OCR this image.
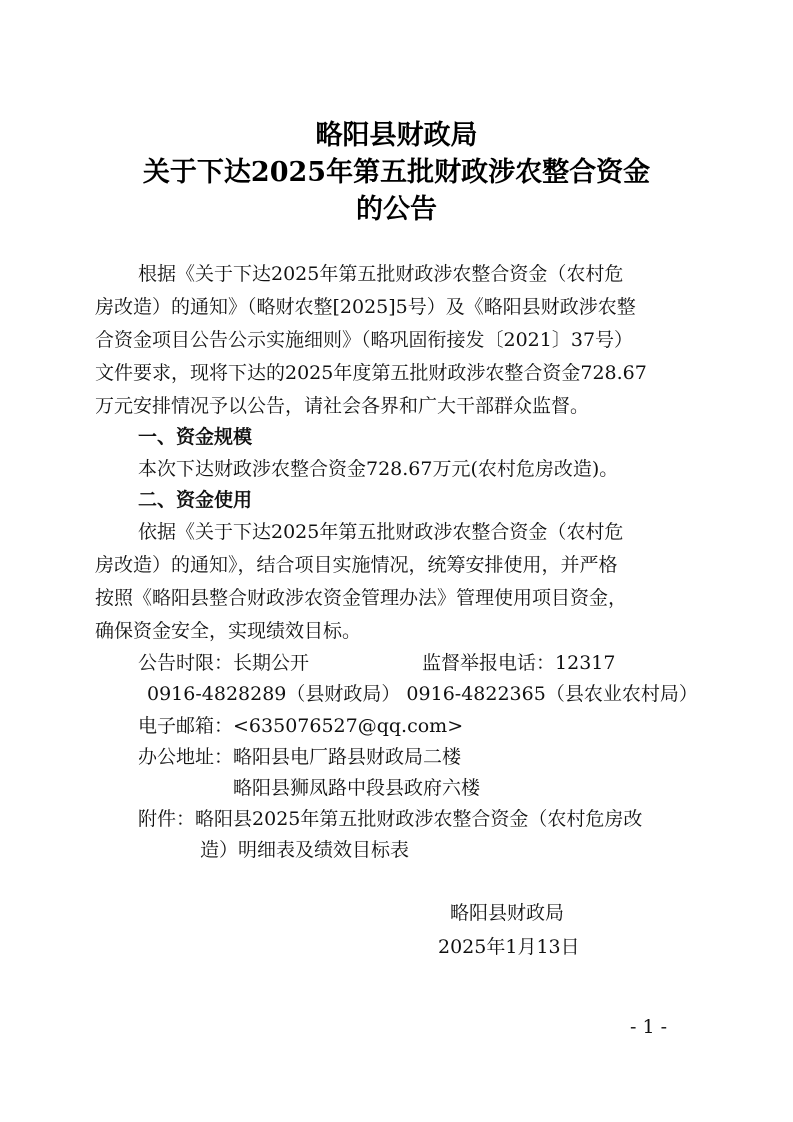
略阳县财政局
关于下达2025年第五批财政涉农整合资金
的公告
根据《关于下达2025年第五批财政涉农整合资金（农村危
房改造）的通知》（略财农整[2025]5号）及《略阳县财政涉农整
合资金项目公告公示实施细则》（略巩固衔接发〔2021〕37号）
文件要求，现将下达的2025年度第五批财政涉农整合资金728.67
万元安排情况予以公告，请社会各界和广大干部群众监督。
一、资金规模
本次下达财政涉农整合资金728.67万元(农村危房改造)。
二、资金使用
依据《关于下达2025年第五批财政涉农整合资金（农村危
房改造）的通知》，结合项目实施情况，统筹安排使用，并严格
按照《略阳县整合财政涉农资金管理办法》管理使用项目资金，
确保资金安全，实现绩效目标。
公告时限：长期公开	监督举报电话：12317
0916-4828289（县财政局） 0916-4822365（县农业农村局）
电子邮箱：<635076527@qq.com>
办公地址：略阳县电厂路县财政局二楼
略阳县狮凤路中段县政府六楼
附件：略阳县2025年第五批财政涉农整合资金（农村危房改
造）明细表及绩效目标表
略阳县财政局
2025年1月13日
- 1 -
